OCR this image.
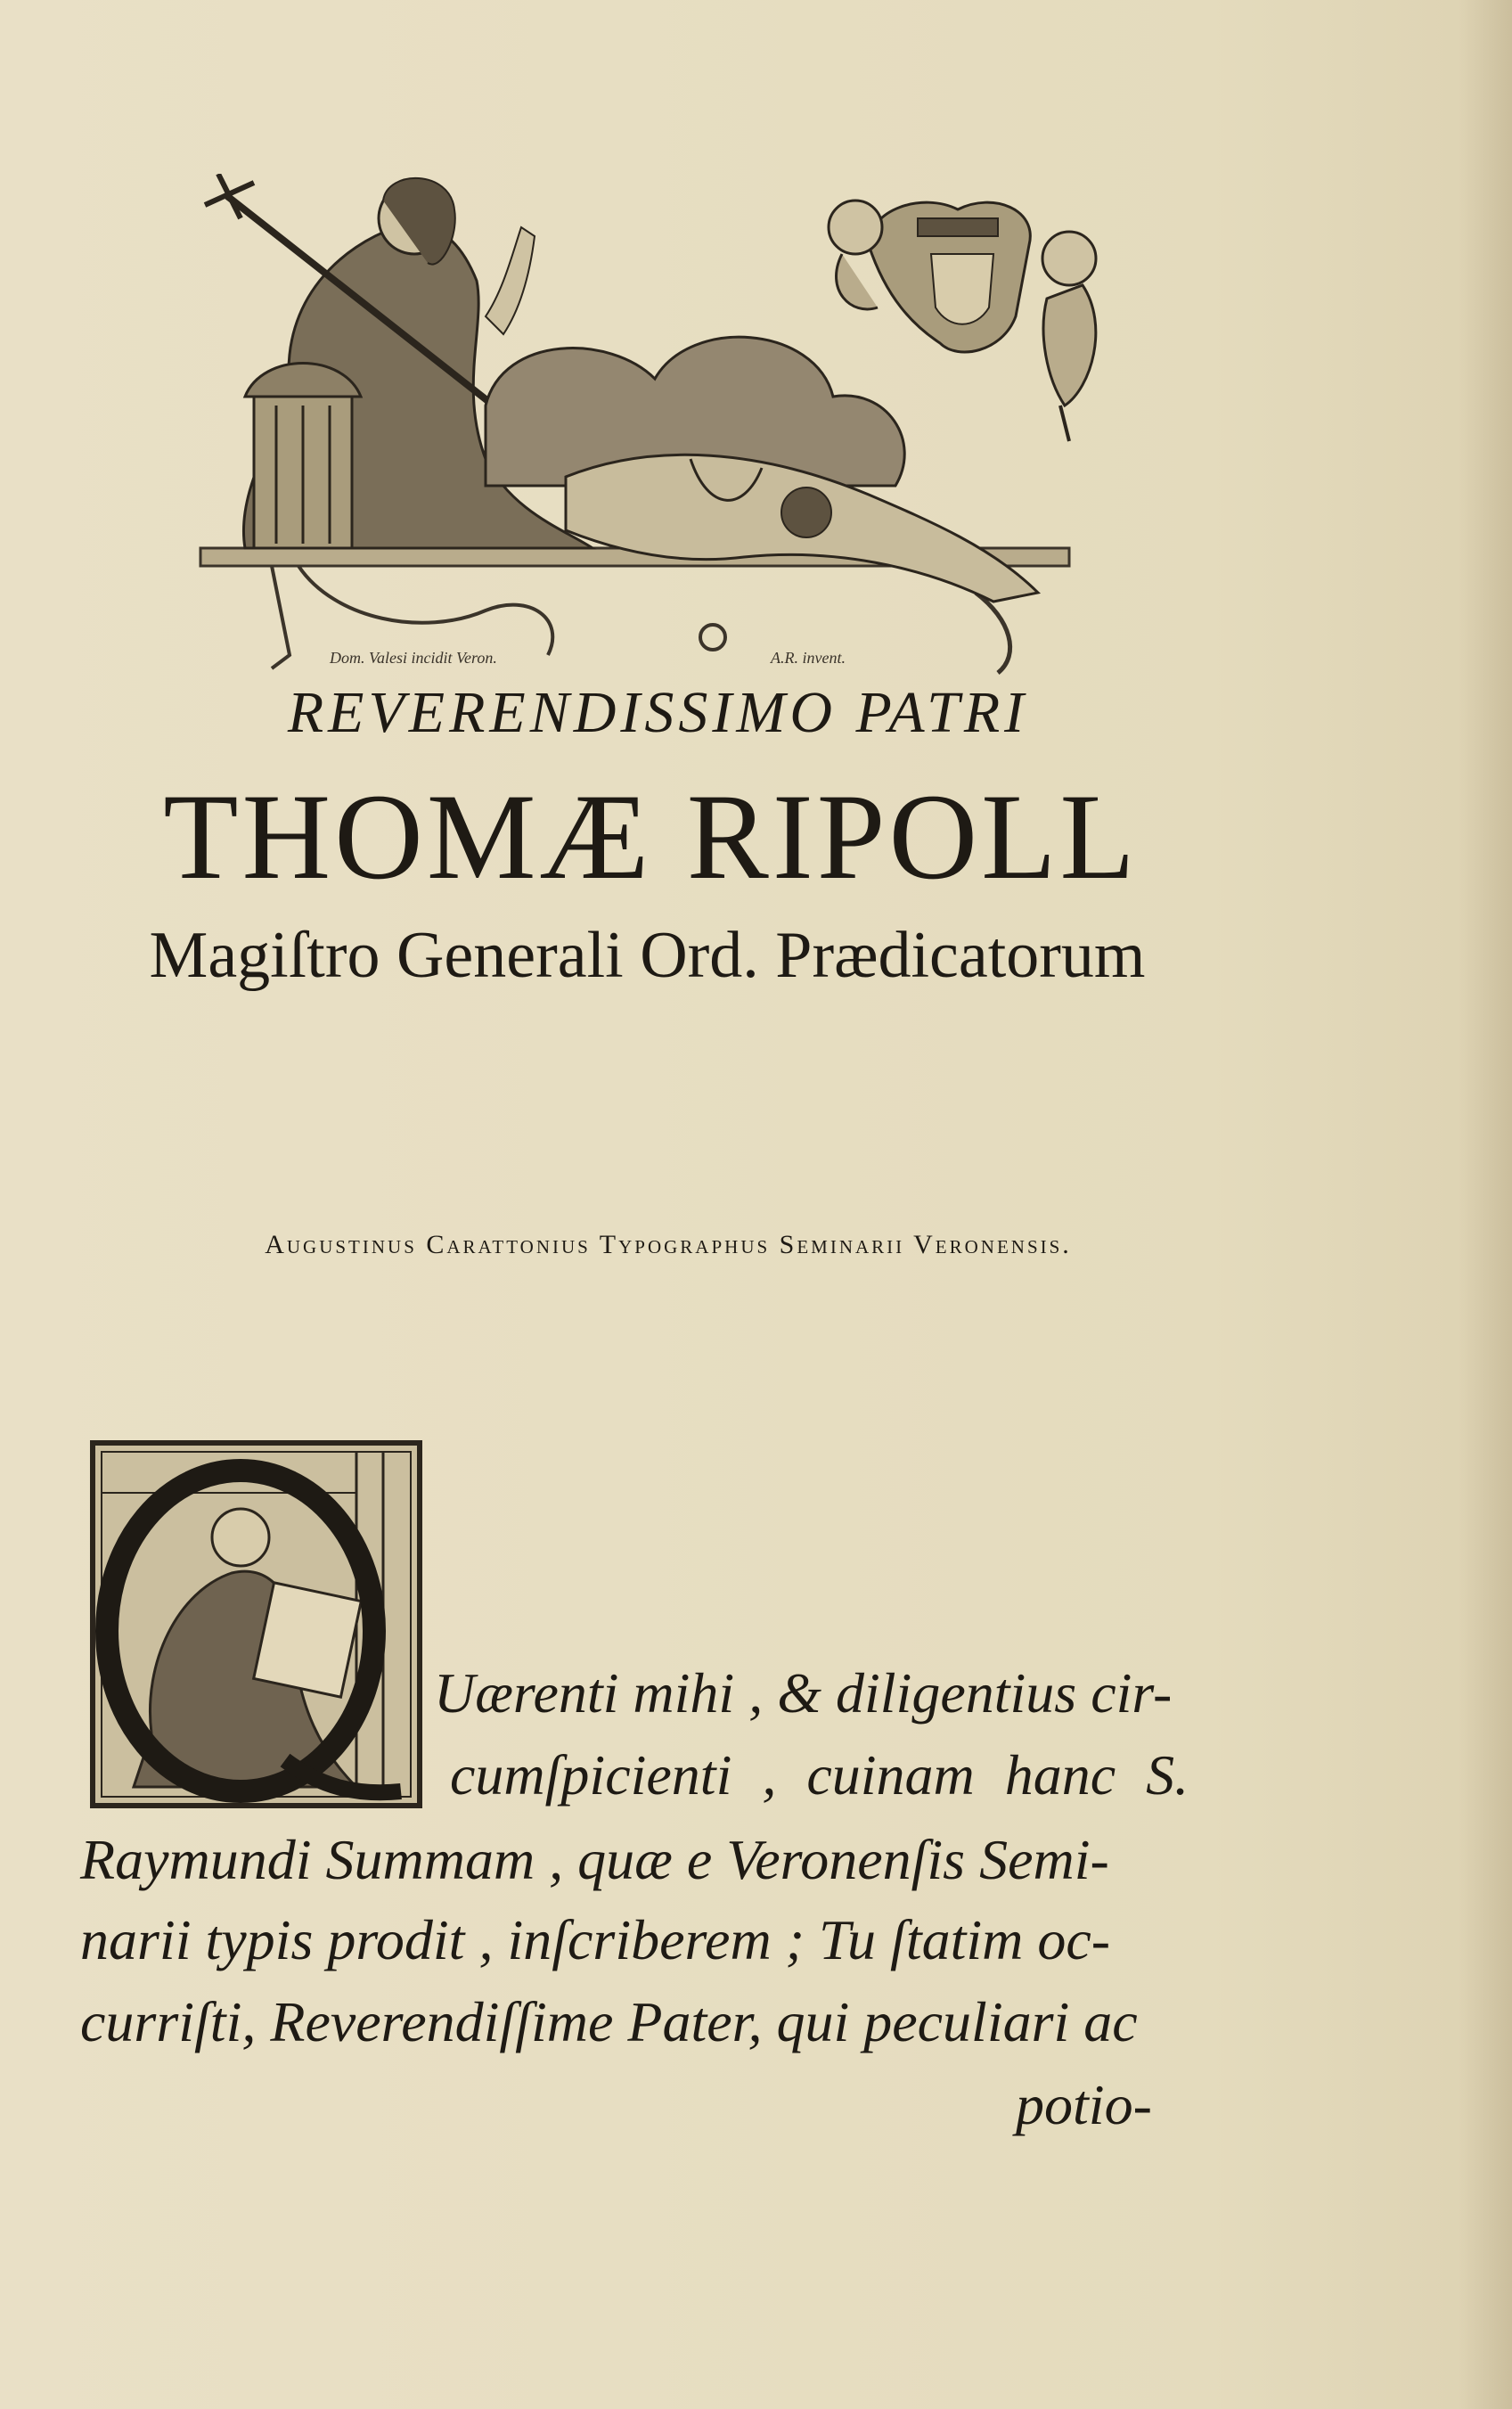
Dom. Valesi incidit Veron.	A.R. invent.
REVERENDISSIMO PATRI
THOMÆ RIPOLL
Magiſtro Generali Ord. Prædicatorum
Augustinus Carattonius Typographus Seminarii Veronensis.
Uærenti mihi , & diligentius cir-
cumſpicienti , cuinam hanc S.
Raymundi Summam , quæ e Veronenſis Semi-
narii typis prodit , inſcriberem ; Tu ſtatim oc-
curriſti, Reverendiſſime Pater, qui peculiari ac
potio-
